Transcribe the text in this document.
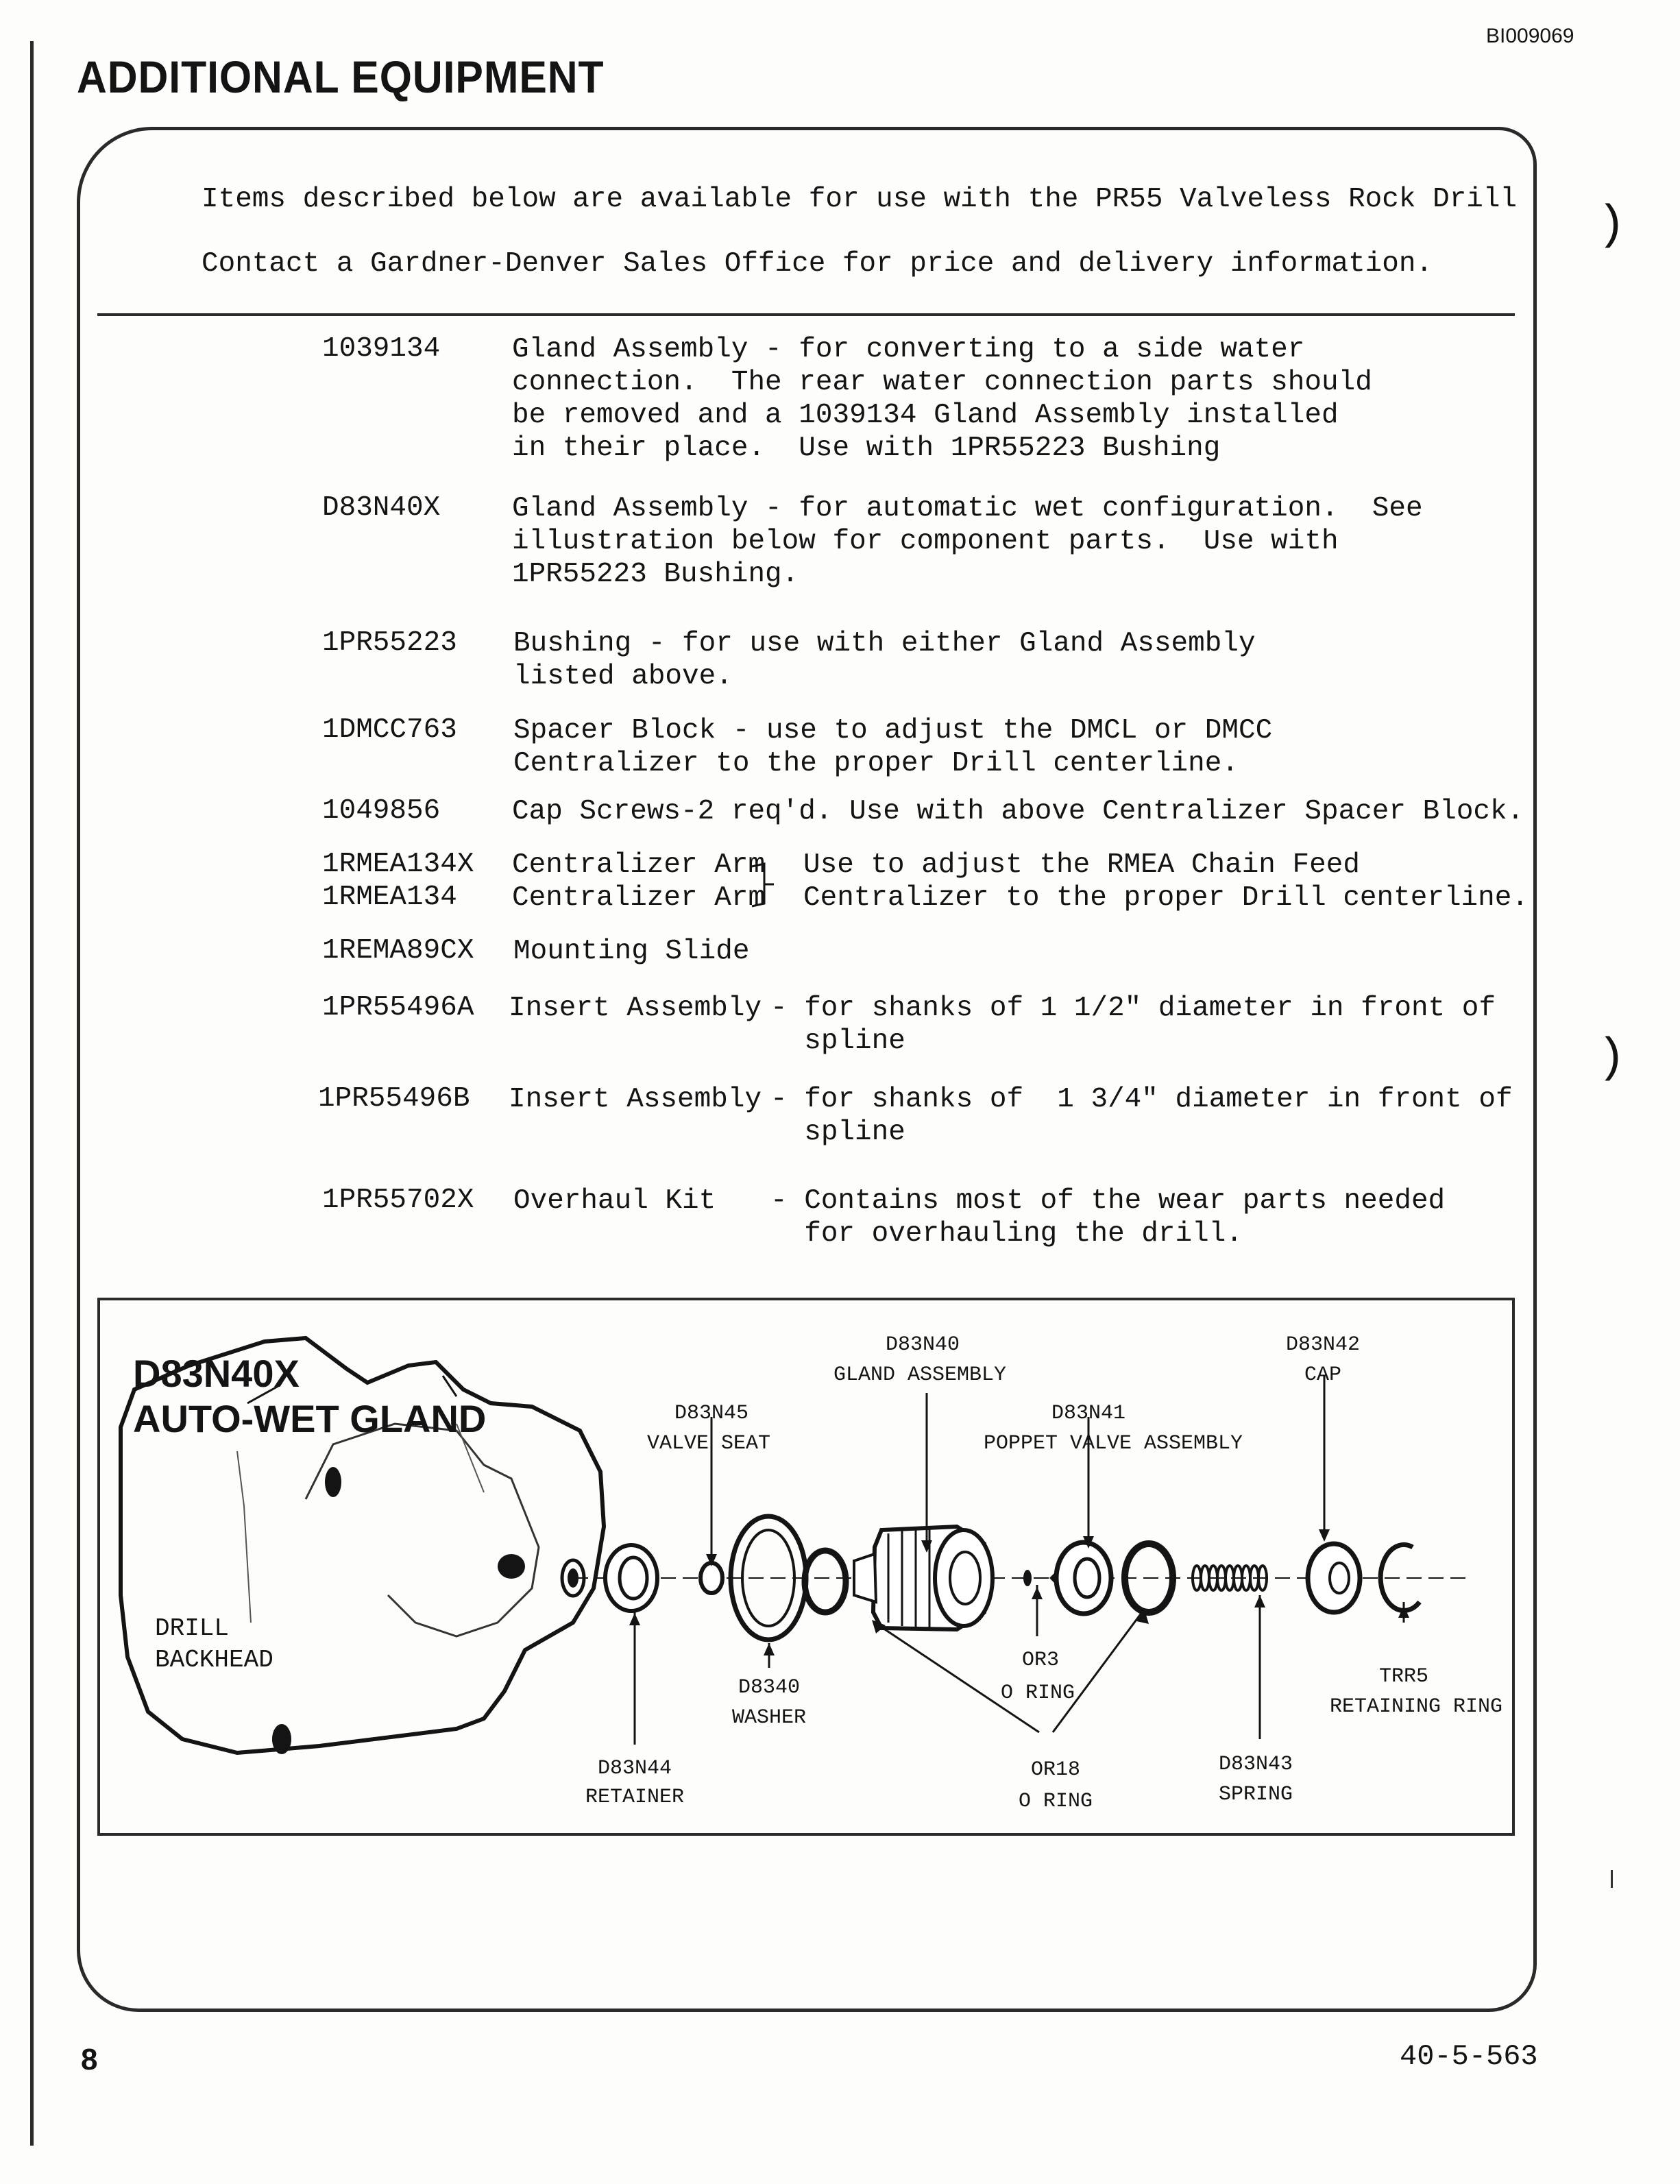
BI009069
ADDITIONAL EQUIPMENT
Items described below are available for use with the PR55 Valveless Rock Drill
Contact a Gardner-Denver Sales Office for price and delivery information.
1039134	Gland Assembly - for converting to a side water
connection.  The rear water connection parts should
be removed and a 1039134 Gland Assembly installed
in their place.  Use with 1PR55223 Bushing
D83N40X	Gland Assembly - for automatic wet configuration.  See
illustration below for component parts.  Use with
1PR55223 Bushing.
1PR55223 Bushing - for use with either Gland Assembly
listed above.
1DMCC763 Spacer Block - use to adjust the DMCL or DMCC
Centralizer to the proper Drill centerline.
1049856	Cap Screws-2 req'd. Use with above Centralizer Spacer Block.
1RMEA134X Centralizer Arm
1RMEA134 Centralizer Arm
Use to adjust the RMEA Chain Feed
Centralizer to the proper Drill centerline.
1REMA89CX Mounting Slide
1PR55496A Insert Assembly - for shanks of 1 1/2" diameter in front of
spline
1PR55496B Insert Assembly - for shanks of  1 3/4" diameter in front of
spline
1PR55702X Overhaul Kit - Contains most of the wear parts needed
for overhauling the drill.
)
)
D83N40X
AUTO-WET GLAND
DRILL
BACKHEAD
D83N45
VALVE SEAT
D83N40
GLAND ASSEMBLY
D83N41
POPPET VALVE ASSEMBLY
D83N42
CAP
D83N44
RETAINER
D8340
WASHER
OR3
O RING
OR18
O RING
D83N43
SPRING
TRR5
RETAINING RING
8	40-5-563
